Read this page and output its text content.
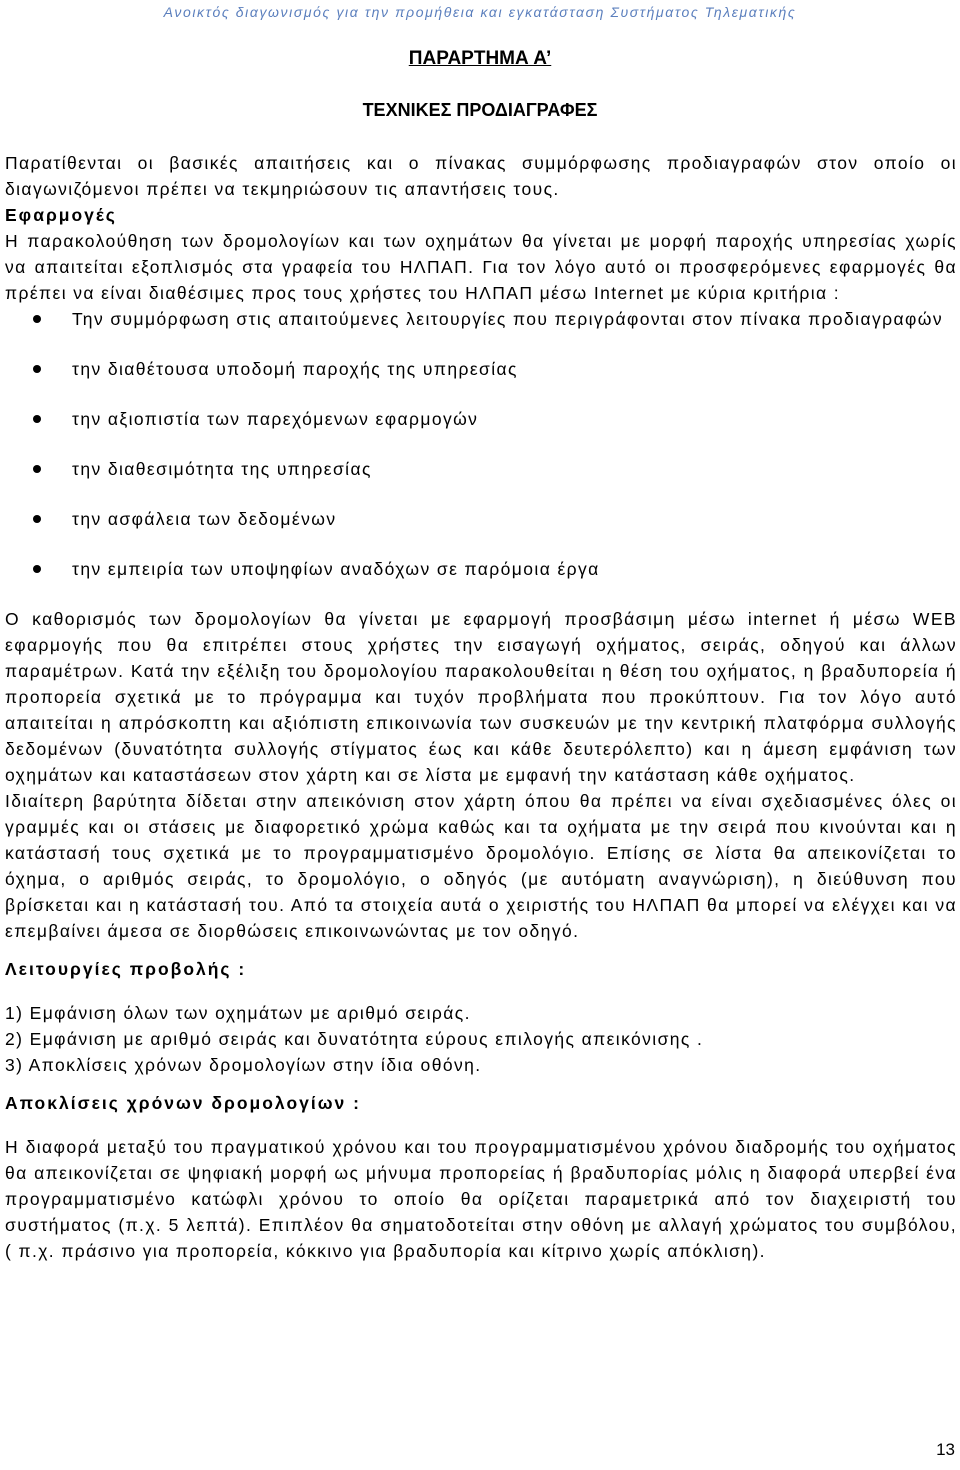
Ανοικτός διαγωνισμός για την προμήθεια και εγκατάσταση Συστήματος Τηλεματικής
ΠΑΡΑΡΤΗΜΑ Α’
ΤΕΧΝΙΚΕΣ ΠΡΟΔΙΑΓΡΑΦΕΣ

Παρατίθενται οι βασικές απαιτήσεις και ο πίνακας συμμόρφωσης προδιαγραφών στον οποίο οι διαγωνιζόμενοι πρέπει να τεκμηριώσουν τις απαντήσεις τους.

Εφαρμογές

Η παρακολούθηση των δρομολογίων και των οχημάτων θα γίνεται με μορφή παροχής υπηρεσίας χωρίς να απαιτείται εξοπλισμός στα γραφεία του ΗΛΠΑΠ. Για τον λόγο αυτό οι προσφερόμενες εφαρμογές θα πρέπει να είναι διαθέσιμες προς τους χρήστες του ΗΛΠΑΠ μέσω Internet με κύρια κριτήρια :

Την συμμόρφωση στις απαιτούμενες λειτουργίες που περιγράφονται στον πίνακα προδιαγραφών
την διαθέτουσα υποδομή παροχής της υπηρεσίας
την αξιοπιστία των παρεχόμενων εφαρμογών
την διαθεσιμότητα της υπηρεσίας
την ασφάλεια των δεδομένων
την εμπειρία των υποψηφίων αναδόχων σε παρόμοια έργα

Ο καθορισμός των δρομολογίων θα γίνεται με εφαρμογή προσβάσιμη μέσω internet ή μέσω WEB εφαρμογής που θα επιτρέπει στους χρήστες την εισαγωγή οχήματος, σειράς, οδηγού και άλλων παραμέτρων. Κατά την εξέλιξη του δρομολογίου παρακολουθείται η θέση του οχήματος, η βραδυπορεία ή προπορεία σχετικά με το πρόγραμμα και τυχόν προβλήματα που προκύπτουν. Για τον λόγο αυτό απαιτείται η απρόσκοπτη και αξιόπιστη επικοινωνία των συσκευών με την κεντρική πλατφόρμα συλλογής δεδομένων (δυνατότητα συλλογής στίγματος έως και κάθε δευτερόλεπτο) και η άμεση εμφάνιση των οχημάτων και καταστάσεων στον χάρτη και σε λίστα με εμφανή την κατάσταση κάθε οχήματος.

Ιδιαίτερη βαρύτητα δίδεται στην απεικόνιση στον χάρτη όπου θα πρέπει να είναι σχεδιασμένες όλες οι γραμμές και οι στάσεις με διαφορετικό χρώμα καθώς και τα οχήματα με την σειρά που κινούνται και η κατάστασή τους σχετικά με το προγραμματισμένο δρομολόγιο. Επίσης σε λίστα θα απεικονίζεται το όχημα, ο αριθμός σειράς, το δρομολόγιο, ο οδηγός (με αυτόματη αναγνώριση), η διεύθυνση που βρίσκεται και η κατάστασή του. Από τα στοιχεία αυτά ο χειριστής του ΗΛΠΑΠ θα μπορεί να ελέγχει και να επεμβαίνει άμεσα σε διορθώσεις επικοινωνώντας με τον οδηγό.

Λειτουργίες προβολής :

1) Εμφάνιση όλων των οχημάτων με αριθμό σειράς.

2) Εμφάνιση με αριθμό σειράς και δυνατότητα εύρους επιλογής απεικόνισης .

3) Αποκλίσεις χρόνων δρομολογίων στην ίδια οθόνη.

Αποκλίσεις χρόνων δρομολογίων :

Η διαφορά μεταξύ του πραγματικού χρόνου και του προγραμματισμένου χρόνου διαδρομής του οχήματος θα απεικονίζεται σε ψηφιακή μορφή ως μήνυμα προπορείας ή βραδυπορίας μόλις η διαφορά υπερβεί ένα προγραμματισμένο κατώφλι χρόνου το οποίο θα ορίζεται παραμετρικά από τον διαχειριστή του συστήματος (π.χ. 5 λεπτά). Επιπλέον θα σηματοδοτείται στην οθόνη με αλλαγή χρώματος του συμβόλου, ( π.χ. πράσινο για προπορεία, κόκκινο για βραδυπορία και κίτρινο χωρίς απόκλιση).

13
